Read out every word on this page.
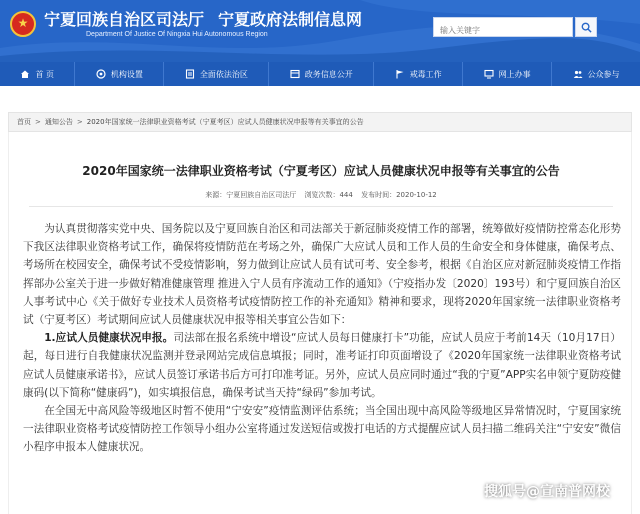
★ 宁夏回族自治区司法厅 宁夏政府法制信息网
Department Of Justice Of Ningxia Hui Autonomous Region
输入关键字
首 页	机构设置	全面依法治区	政务信息公开	戒毒工作	网上办事	公众参与
首页 > 通知公告 > 2020年国家统一法律职业资格考试（宁夏考区）应试人员健康状况申报等有关事宜的公告
2020年国家统一法律职业资格考试（宁夏考区）应试人员健康状况申报等有关事宜的公告
来源：宁夏回族自治区司法厅 浏览次数：444 发布时间：2020-10-12

为认真贯彻落实党中央、国务院以及宁夏回族自治区和司法部关于新冠肺炎疫情工作的部署，统筹做好疫情防控常态化形势下我区法律职业资格考试工作，确保将疫情防范在考场之外，确保广大应试人员和工作人员的生命安全和身体健康，确保考点、考场所在校园安全，确保考试不受疫情影响，努力做到让应试人员有试可考、安全参考，根据《自治区应对新冠肺炎疫情工作指挥部办公室关于进一步做好精准健康管理 推进入宁人员有序流动工作的通知》（宁疫指办发〔2020〕193号）和宁夏回族自治区人事考试中心《关于做好专业技术人员资格考试疫情防控工作的补充通知》精神和要求，现将2020年国家统一法律职业资格考试（宁夏考区）考试期间应试人员健康状况申报等相关事宜公告如下：

1.应试人员健康状况申报。司法部在报名系统中增设“应试人员每日健康打卡”功能，应试人员应于考前14天（10月17日）起，每日进行自我健康状况监测并登录网站完成信息填报；同时，准考证打印页面增设了《2020年国家统一法律职业资格考试应试人员健康承诺书》，应试人员签订承诺书后方可打印准考证。另外，应试人员应同时通过“我的宁夏”APP实名申领宁夏防疫健康码(以下简称“健康码”)，如实填报信息，确保考试当天持“绿码”参加考试。

在全国无中高风险等级地区时暂不使用“宁安安”疫情监测评估系统；当全国出现中高风险等级地区异常情况时，宁夏国家统一法律职业资格考试疫情防控工作领导小组办公室将通过发送短信或拨打电话的方式提醒应试人员扫描二维码关注“宁安安”微信小程序申报本人健康状况。

搜狐号@宣南普网校
